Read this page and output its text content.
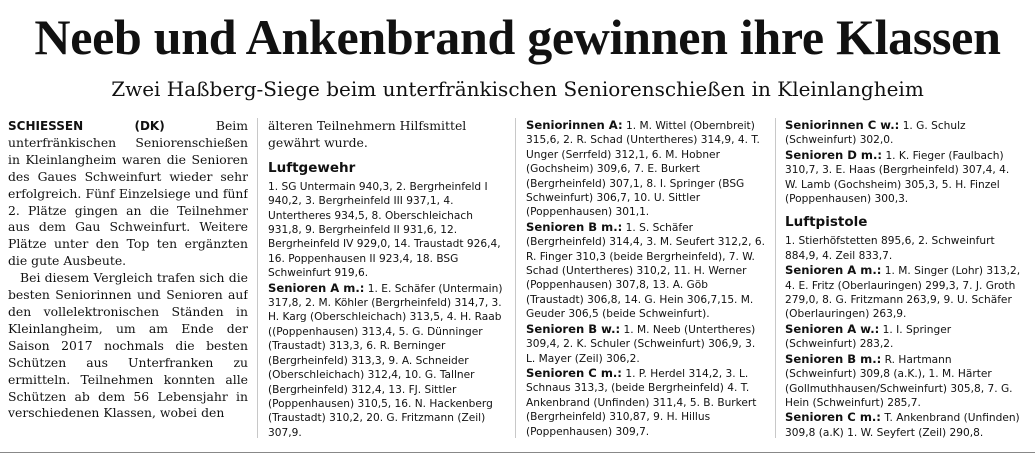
Neeb und Ankenbrand gewinnen ihre Klassen
Zwei Haßberg-Siege beim unterfränkischen Seniorenschießen in Kleinlangheim

SCHIESSEN (DK)	Beim unterfränkischen Seniorenschießen in Kleinlangheim waren die Senioren des Gaues Schweinfurt wieder sehr erfolgreich. Fünf Einzelsiege und fünf 2. Plätze gingen an die Teilnehmer aus dem Gau Schweinfurt. Weitere Plätze unter den Top ten ergänzten die gute Ausbeute.

Bei diesem Vergleich trafen sich die besten Seniorinnen und Senioren auf den vollelektronischen Ständen in Kleinlangheim, um am Ende der Saison 2017 nochmals die besten Schützen aus Unterfranken zu ermitteln. Teilnehmen konnten alle Schützen ab dem 56 Lebensjahr in verschiedenen Klassen, wobei den

älteren Teilnehmern Hilfsmittel gewährt wurde.
Luftgewehr

1. SG Untermain 940,3, 2. Bergrheinfeld I 940,2, 3. Bergrheinfeld III 937,1, 4. Untertheres 934,5, 8. Oberschleichach 931,8, 9. Bergrheinfeld II 931,6, 12. Bergrheinfeld IV 929,0, 14. Traustadt 926,4, 16. Poppenhausen II 923,4, 18. BSG Schweinfurt 919,6.

Senioren A m.: 1. E. Schäfer (Untermain) 317,8, 2. M. Köhler (Bergrheinfeld) 314,7, 3. H. Karg (Oberschleichach) 313,5, 4. H. Raab ((Poppenhausen) 313,4, 5. G. Dünninger (Traustadt) 313,3, 6. R. Berninger (Bergrheinfeld) 313,3, 9. A. Schneider (Oberschleichach) 312,4, 10. G. Tallner (Bergrheinfeld) 312,4, 13. FJ. Sittler (Poppenhausen) 310,5, 16. N. Hackenberg (Traustadt) 310,2, 20. G. Fritzmann (Zeil) 307,9.

Seniorinnen A: 1. M. Wittel (Obernbreit) 315,6, 2. R. Schad (Untertheres) 314,9, 4. T. Unger (Serrfeld) 312,1, 6. M. Hobner (Gochsheim) 309,6, 7. E. Burkert (Bergrheinfeld) 307,1, 8. I. Springer (BSG Schweinfurt) 306,7, 10. U. Sittler (Poppenhausen) 301,1.

Senioren B m.: 1. S. Schäfer (Bergrheinfeld) 314,4, 3. M. Seufert 312,2, 6. R. Finger 310,3 (beide Bergrheinfeld), 7. W. Schad (Untertheres) 310,2, 11. H. Werner (Poppenhausen) 307,8, 13. A. Göb (Traustadt) 306,8, 14. G. Hein 306,7,15. M. Geuder 306,5 (beide Schweinfurt).

Senioren B w.: 1. M. Neeb (Untertheres) 309,4, 2. K. Schuler (Schweinfurt) 306,9, 3. L. Mayer (Zeil) 306,2.

Senioren C m.: 1. P. Herdel 314,2, 3. L. Schnaus 313,3, (beide Bergrheinfeld) 4. T. Ankenbrand (Unfinden) 311,4, 5. B. Burkert (Bergrheinfeld) 310,87, 9. H. Hillus (Poppenhausen) 309,7.

Seniorinnen C w.: 1. G. Schulz (Schweinfurt) 302,0.

Senioren D m.: 1. K. Fieger (Faulbach) 310,7, 3. E. Haas (Bergrheinfeld) 307,4, 4. W. Lamb (Gochsheim) 305,3, 5. H. Finzel (Poppenhausen) 300,3.

Luftpistole

1. Stierhöfstetten 895,6, 2. Schweinfurt 884,9, 4. Zeil 833,7.

Senioren A m.: 1. M. Singer (Lohr) 313,2, 4. E. Fritz (Oberlauringen) 299,3, 7. J. Groth 279,0, 8. G. Fritzmann 263,9, 9. U. Schäfer (Oberlauringen) 263,9.

Senioren A w.: 1. I. Springer (Schweinfurt) 283,2.

Senioren B m.: R. Hartmann (Schweinfurt) 309,8 (a.K.), 1. M. Härter (Gollmuthhausen/Schweinfurt) 305,8, 7. G. Hein (Schweinfurt) 285,7.

Senioren C m.: T. Ankenbrand (Unfinden) 309,8 (a.K) 1. W. Seyfert (Zeil) 290,8.
